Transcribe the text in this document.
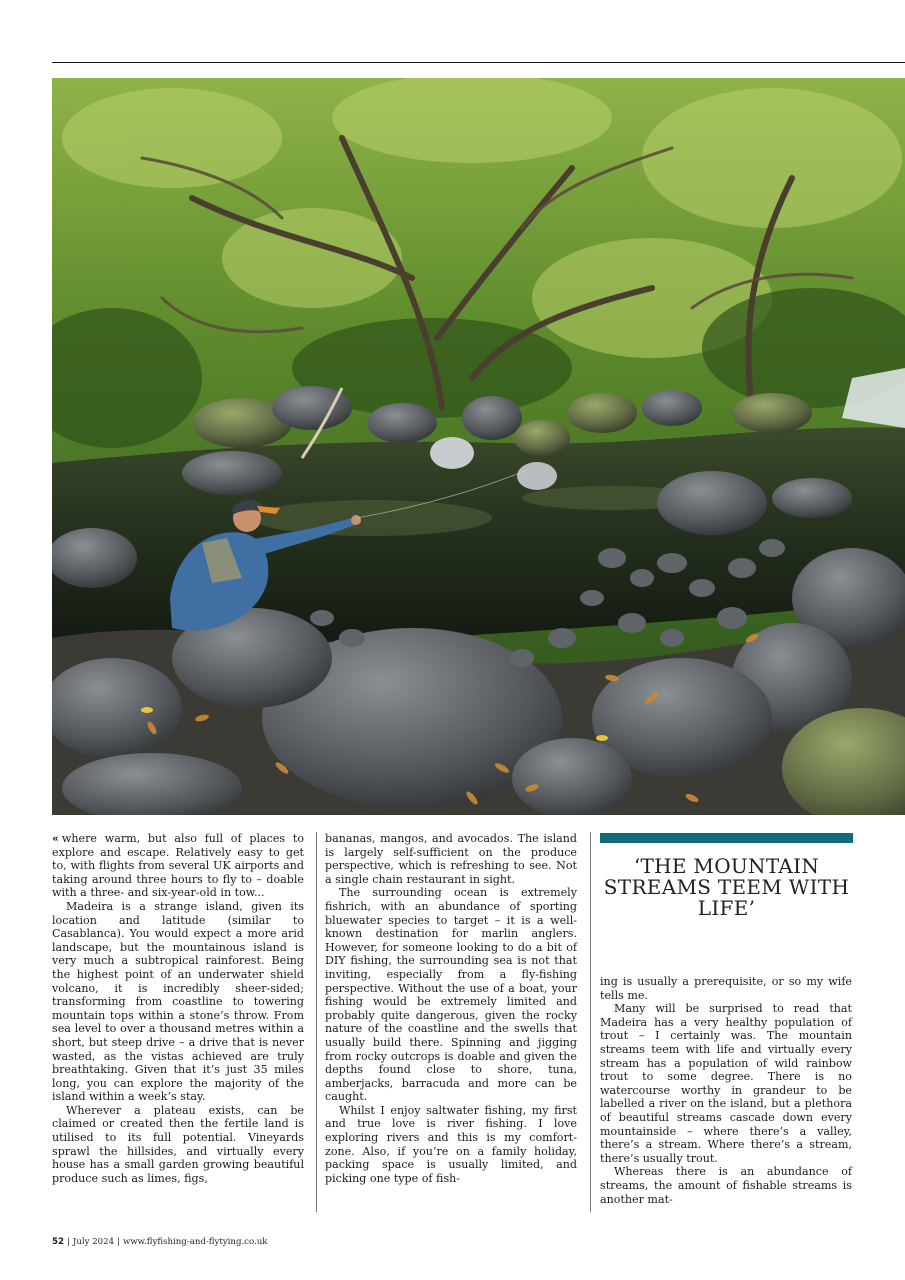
« where warm, but also full of places to explore and escape. Relatively easy to get to, with flights from several UK airports and taking around three hours to fly to – doable with a three- and six-year-old in tow...

Madeira is a strange island, given its location and latitude (similar to Casablanca). You would expect a more arid landscape, but the mountainous island is very much a subtropical rainforest. Being the highest point of an underwater shield volcano, it is incredibly sheer-sided; transforming from coastline to towering mountain tops within a stone’s throw. From sea level to over a thousand metres within a short, but steep drive – a drive that is never wasted, as the vistas achieved are truly breathtaking. Given that it’s just 35 miles long, you can explore the majority of the island within a week’s stay.

Wherever a plateau exists, can be claimed or created then the fertile land is utilised to its full potential. Vineyards sprawl the hillsides, and virtually every house has a small garden growing beautiful produce such as limes, figs,

bananas, mangos, and avocados. The island is largely self-sufficient on the produce perspective, which is refreshing to see. Not a single chain restaurant in sight.

The surrounding ocean is extremely fishrich, with an abundance of sporting bluewater species to target – it is a well-known destination for marlin anglers. However, for someone looking to do a bit of DIY fishing, the surrounding sea is not that inviting, especially from a fly-fishing perspective. Without the use of a boat, your fishing would be extremely limited and probably quite dangerous, given the rocky nature of the coastline and the swells that usually build there. Spinning and jigging from rocky outcrops is doable and given the depths found close to shore, tuna, amberjacks, barracuda and more can be caught.

Whilst I enjoy saltwater fishing, my first and true love is river fishing. I love exploring rivers and this is my comfort-zone. Also, if you’re on a family holiday, packing space is usually limited, and picking one type of fish-

‘THE MOUNTAIN STREAMS TEEM WITH LIFE’

ing is usually a prerequisite, or so my wife tells me.

Many will be surprised to read that Madeira has a very healthy population of trout – I certainly was. The mountain streams teem with life and virtually every stream has a population of wild rainbow trout to some degree. There is no watercourse worthy in grandeur to be labelled a river on the island, but a plethora of beautiful streams cascade down every mountainside – where there’s a valley, there’s a stream. Where there’s a stream, there’s usually trout.

Whereas there is an abundance of streams, the amount of fishable streams is another mat-

52 | July 2024 | www.flyfishing-and-flytying.co.uk
